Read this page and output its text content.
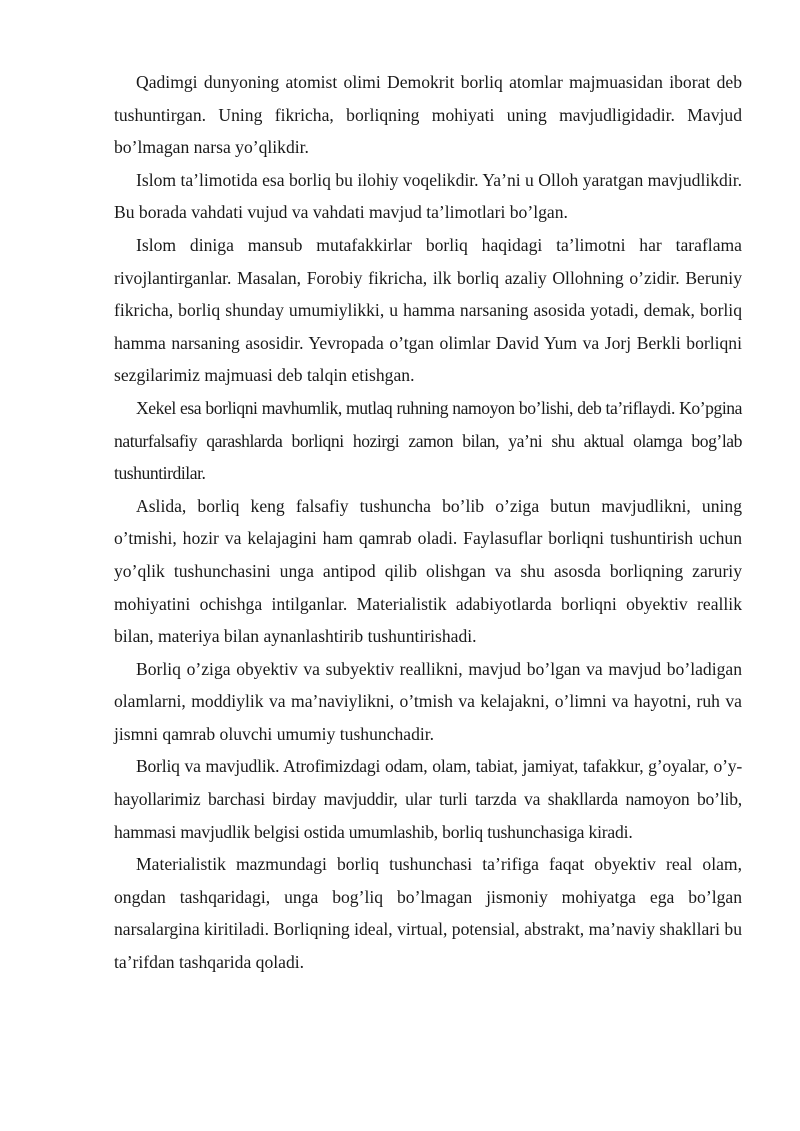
Qadimgi dunyoning atomist olimi Demokrit borliq atomlar majmuasidan iborat deb tushuntirgan. Uning fikricha, borliqning mohiyati uning mavjudligidadir. Mavjud bo’lmagan narsa yo’qlikdir.

Islom ta’limotida esa borliq bu ilohiy voqelikdir. Ya’ni u Olloh yaratgan mavjudlikdir. Bu borada vahdati vujud va vahdati mavjud ta’limotlari bo’lgan.

Islom diniga mansub mutafakkirlar borliq haqidagi ta’limotni har taraflama rivojlantirganlar. Masalan, Forobiy fikricha, ilk borliq azaliy Ollohning o’zidir. Beruniy fikricha, borliq shunday umumiylikki, u hamma narsaning asosida yotadi, demak, borliq hamma narsaning asosidir. Yevropada o’tgan olimlar David Yum va Jorj Berkli borliqni sezgilarimiz majmuasi deb talqin etishgan.

Xekel esa borliqni mavhumlik, mutlaq ruhning namoyon bo’lishi, deb ta’riflaydi. Ko’pgina naturfalsafiy qarashlarda borliqni hozirgi zamon bilan, ya’ni shu aktual olamga bog’lab tushuntirdilar.

Aslida, borliq keng falsafiy tushuncha bo’lib o’ziga butun mavjudlikni, uning o’tmishi, hozir va kelajagini ham qamrab oladi. Faylasuflar borliqni tushuntirish uchun yo’qlik tushunchasini unga antipod qilib olishgan va shu asosda borliqning zaruriy mohiyatini ochishga intilganlar. Materialistik adabiyotlarda borliqni obyektiv reallik bilan, materiya bilan aynanlashtirib tushuntirishadi.

Borliq o’ziga obyektiv va subyektiv reallikni, mavjud bo’lgan va mavjud bo’ladigan olamlarni, moddiylik va ma’naviylikni, o’tmish va kelajakni, o’limni va hayotni, ruh va jismni qamrab oluvchi umumiy tushunchadir.

Borliq va mavjudlik. Atrofimizdagi odam, olam, tabiat, jamiyat, tafakkur, g’oyalar, o’y-hayollarimiz barchasi birday mavjuddir, ular turli tarzda va shakllarda namoyon bo’lib, hammasi mavjudlik belgisi ostida umumlashib, borliq tushunchasiga kiradi.

Materialistik mazmundagi borliq tushunchasi ta’rifiga faqat obyektiv real olam, ongdan tashqaridagi, unga bog’liq bo’lmagan jismoniy mohiyatga ega bo’lgan narsalargina kiritiladi. Borliqning ideal, virtual, potensial, abstrakt, ma’naviy shakllari bu ta’rifdan tashqarida qoladi.
